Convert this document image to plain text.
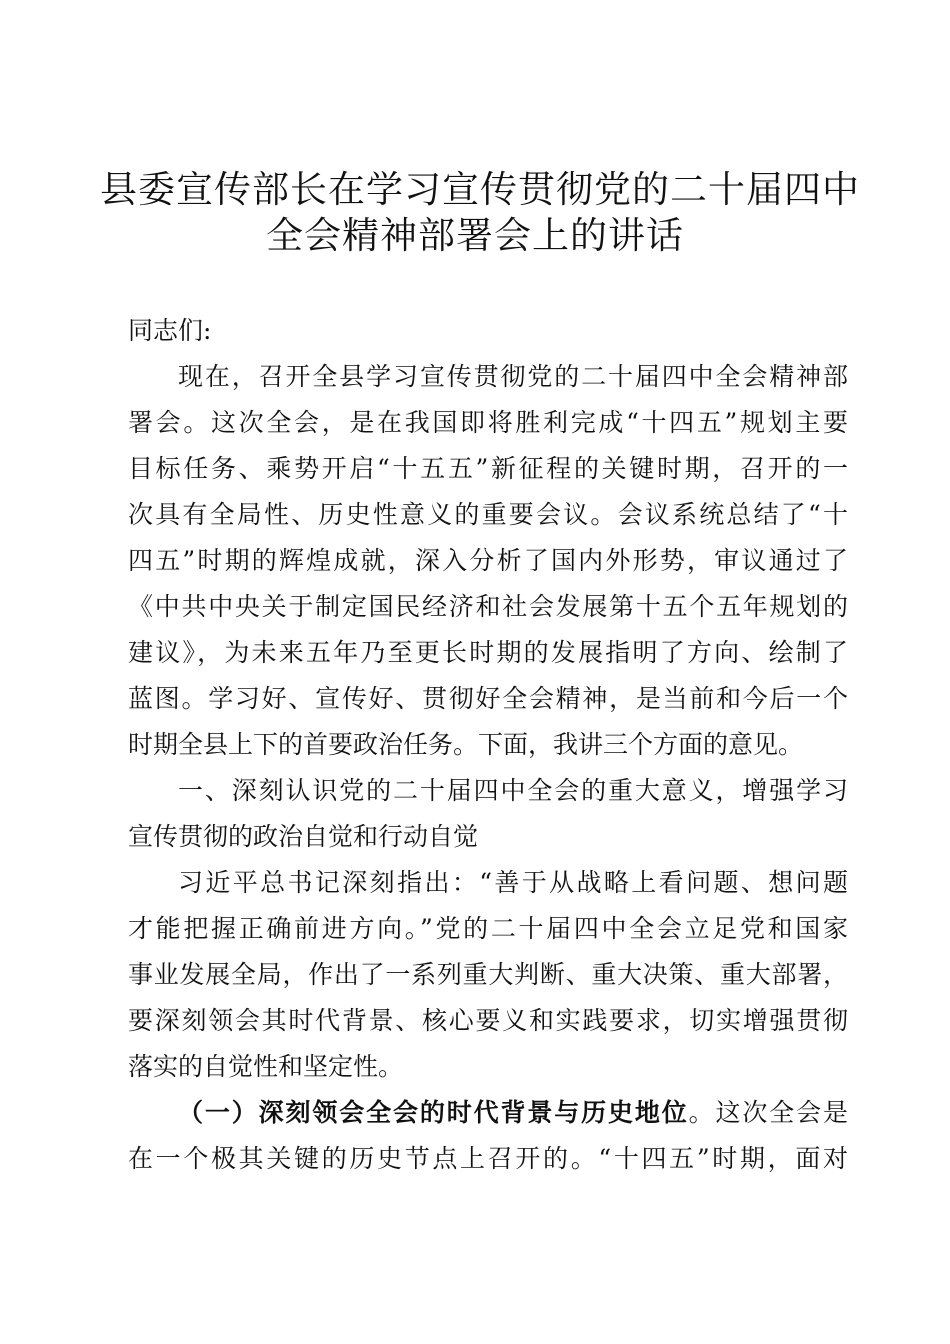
县委宣传部长在学习宣传贯彻党的二十届四中
全会精神部署会上的讲话
同志们:
现在，召开全县学习宣传贯彻党的二十届四中全会精神部
署会。这次全会，是在我国即将胜利完成“十四五”规划主要
目标任务、乘势开启“十五五”新征程的关键时期，召开的一
次具有全局性、历史性意义的重要会议。会议系统总结了“十
四五”时期的辉煌成就，深入分析了国内外形势，审议通过了
《中共中央关于制定国民经济和社会发展第十五个五年规划的
建议》，为未来五年乃至更长时期的发展指明了方向、绘制了
蓝图。学习好、宣传好、贯彻好全会精神，是当前和今后一个
时期全县上下的首要政治任务。下面，我讲三个方面的意见。
一、深刻认识党的二十届四中全会的重大意义，增强学习
宣传贯彻的政治自觉和行动自觉
习近平总书记深刻指出：“善于从战略上看问题、想问题
才能把握正确前进方向。”党的二十届四中全会立足党和国家
事业发展全局，作出了一系列重大判断、重大决策、重大部署，
要深刻领会其时代背景、核心要义和实践要求，切实增强贯彻
落实的自觉性和坚定性。
（一）深刻领会全会的时代背景与历史地位。这次全会是
在一个极其关键的历史节点上召开的。“十四五”时期，面对
